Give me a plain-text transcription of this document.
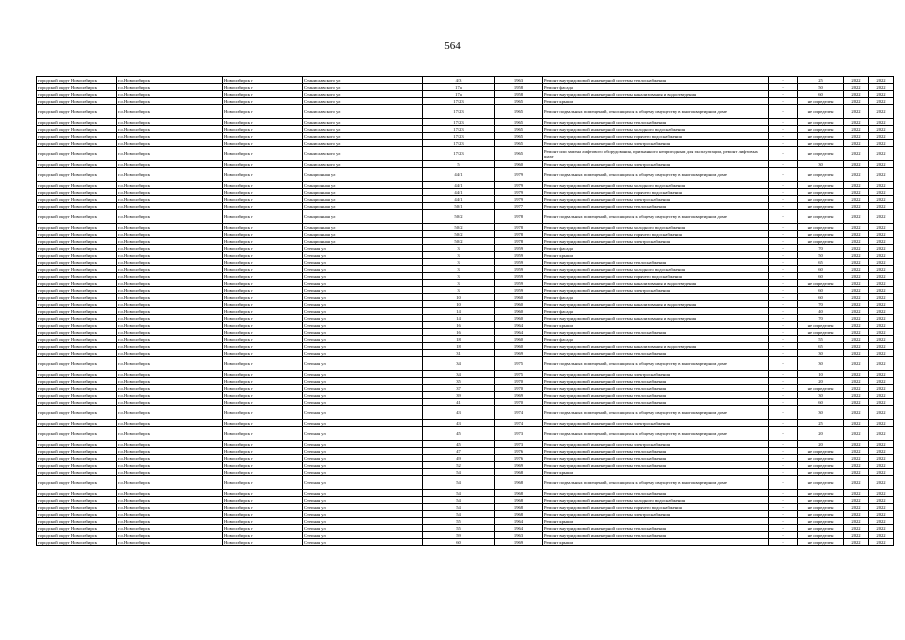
564
городской округ Новосибирск	г.о.Новосибирск	Новосибирск г	Станиславского ул	4/3	1963	Ремонт внутридомовой инженерной системы теплоснабжения	-	25	2022	2022
городской округ Новосибирск	г.о.Новосибирск	Новосибирск г	Станиславского ул	17а	1958	Ремонт фасада	-	50	2022	2022
городской округ Новосибирск	г.о.Новосибирск	Новосибирск г	Станиславского ул	17а	1958	Ремонт внутридомовой инженерной системы канализования и водоотведения	-	60	2022	2022
городской округ Новосибирск	г.о.Новосибирск	Новосибирск г	Станиславского ул	17/23	1965	Ремонт крыши	-	не определен	2022	2022
городской округ Новосибирск	г.о.Новосибирск	Новосибирск г	Станиславского ул	17/23	1965	Ремонт подвальных помещений, относящихся к общему имуществу в многоквартирном доме	-	не определен	2022	2022
городской округ Новосибирск	г.о.Новосибирск	Новосибирск г	Станиславского ул	17/23	1965	Ремонт внутридомовой инженерной системы теплоснабжения	-	не определен	2022	2022
городской округ Новосибирск	г.о.Новосибирск	Новосибирск г	Станиславского ул	17/23	1965	Ремонт внутридомовой инженерной системы холодного водоснабжения	-	не определен	2022	2022
городской округ Новосибирск	г.о.Новосибирск	Новосибирск г	Станиславского ул	17/23	1965	Ремонт внутридомовой инженерной системы горячего водоснабжения	-	не определен	2022	2022
городской округ Новосибирск	г.о.Новосибирск	Новосибирск г	Станиславского ул	17/23	1965	Ремонт внутридомовой инженерной системы электроснабжения	-	не определен	2022	2022
городской округ Новосибирск	г.о.Новосибирск	Новосибирск г	Станиславского ул	17/23	1965	Ремонт или замена лифтового оборудования, признанного непригодным для эксплуатации, ремонт лифтовых шахт	-	не определен	2022	2022
городской округ Новосибирск	г.о.Новосибирск	Новосибирск г	Станиславского ул	5	1960	Ремонт внутридомовой инженерной системы электроснабжения	-	30	2022	2022
городской округ Новосибирск	г.о.Новосибирск	Новосибирск г	Станционная ул	44/1	1979	Ремонт подвальных помещений, относящихся к общему имуществу в многоквартирном доме	-	не определен	2022	2022
городской округ Новосибирск	г.о.Новосибирск	Новосибирск г	Станционная ул	44/1	1979	Ремонт внутридомовой инженерной системы холодного водоснабжения	-	не определен	2022	2022
городской округ Новосибирск	г.о.Новосибирск	Новосибирск г	Станционная ул	44/1	1979	Ремонт внутридомовой инженерной системы горячего водоснабжения	-	не определен	2022	2022
городской округ Новосибирск	г.о.Новосибирск	Новосибирск г	Станционная ул	44/1	1979	Ремонт внутридомовой инженерной системы электроснабжения	-	не определен	2022	2022
городской округ Новосибирск	г.о.Новосибирск	Новосибирск г	Станционная ул	50/1	1977	Ремонт внутридомовой инженерной системы теплоснабжения	-	не определен	2022	2022
городской округ Новосибирск	г.о.Новосибирск	Новосибирск г	Станционная ул	50/2	1978	Ремонт подвальных помещений, относящихся к общему имуществу в многоквартирном доме	-	не определен	2022	2022
городской округ Новосибирск	г.о.Новосибирск	Новосибирск г	Станционная ул	50/2	1978	Ремонт внутридомовой инженерной системы холодного водоснабжения	-	не определен	2022	2022
городской округ Новосибирск	г.о.Новосибирск	Новосибирск г	Станционная ул	50/2	1978	Ремонт внутридомовой инженерной системы горячего водоснабжения	-	не определен	2022	2022
городской округ Новосибирск	г.о.Новосибирск	Новосибирск г	Станционная ул	50/2	1978	Ремонт внутридомовой инженерной системы электроснабжения	-	не определен	2022	2022
городской округ Новосибирск	г.о.Новосибирск	Новосибирск г	Степная ул	3	1959	Ремонт фасада	-	70	2022	2022
городской округ Новосибирск	г.о.Новосибирск	Новосибирск г	Степная ул	3	1959	Ремонт крыши	-	50	2022	2022
городской округ Новосибирск	г.о.Новосибирск	Новосибирск г	Степная ул	3	1959	Ремонт внутридомовой инженерной системы теплоснабжения	-	65	2022	2022
городской округ Новосибирск	г.о.Новосибирск	Новосибирск г	Степная ул	3	1959	Ремонт внутридомовой инженерной системы холодного водоснабжения	-	60	2022	2022
городской округ Новосибирск	г.о.Новосибирск	Новосибирск г	Степная ул	3	1959	Ремонт внутридомовой инженерной системы горячего водоснабжения	-	60	2022	2022
городской округ Новосибирск	г.о.Новосибирск	Новосибирск г	Степная ул	3	1959	Ремонт внутридомовой инженерной системы канализования и водоотведения	-	не определен	2022	2022
городской округ Новосибирск	г.о.Новосибирск	Новосибирск г	Степная ул	3	1959	Ремонт внутридомовой инженерной системы электроснабжения	-	60	2022	2022
городской округ Новосибирск	г.о.Новосибирск	Новосибирск г	Степная ул	10	1960	Ремонт фасада	-	60	2022	2022
городской округ Новосибирск	г.о.Новосибирск	Новосибирск г	Степная ул	10	1960	Ремонт внутридомовой инженерной системы канализования и водоотведения	-	70	2022	2022
городской округ Новосибирск	г.о.Новосибирск	Новосибирск г	Степная ул	14	1960	Ремонт фасада	-	40	2022	2022
городской округ Новосибирск	г.о.Новосибирск	Новосибирск г	Степная ул	14	1960	Ремонт внутридомовой инженерной системы канализования и водоотведения	-	70	2022	2022
городской округ Новосибирск	г.о.Новосибирск	Новосибирск г	Степная ул	16	1964	Ремонт крыши	-	не определен	2022	2022
городской округ Новосибирск	г.о.Новосибирск	Новосибирск г	Степная ул	16	1964	Ремонт внутридомовой инженерной системы теплоснабжения	-	не определен	2022	2022
городской округ Новосибирск	г.о.Новосибирск	Новосибирск г	Степная ул	18	1960	Ремонт фасада	-	55	2022	2022
городской округ Новосибирск	г.о.Новосибирск	Новосибирск г	Степная ул	18	1960	Ремонт внутридомовой инженерной системы канализования и водоотведения	-	65	2022	2022
городской округ Новосибирск	г.о.Новосибирск	Новосибирск г	Степная ул	31	1969	Ремонт внутридомовой инженерной системы теплоснабжения	-	30	2022	2022
городской округ Новосибирск	г.о.Новосибирск	Новосибирск г	Степная ул	34	1975	Ремонт подвальных помещений, относящихся к общему имуществу в многоквартирном доме	-	30	2022	2022
городской округ Новосибирск	г.о.Новосибирск	Новосибирск г	Степная ул	34	1975	Ремонт внутридомовой инженерной системы электроснабжения	-	10	2022	2022
городской округ Новосибирск	г.о.Новосибирск	Новосибирск г	Степная ул	35	1970	Ремонт внутридомовой инженерной системы теплоснабжения	-	20	2022	2022
городской округ Новосибирск	г.о.Новосибирск	Новосибирск г	Степная ул	37	1970	Ремонт внутридомовой инженерной системы теплоснабжения	-	не определен	2022	2022
городской округ Новосибирск	г.о.Новосибирск	Новосибирск г	Степная ул	39	1969	Ремонт внутридомовой инженерной системы теплоснабжения	-	30	2022	2022
городской округ Новосибирск	г.о.Новосибирск	Новосибирск г	Степная ул	41	1970	Ремонт внутридомовой инженерной системы теплоснабжения	-	60	2022	2022
городской округ Новосибирск	г.о.Новосибирск	Новосибирск г	Степная ул	43	1974	Ремонт подвальных помещений, относящихся к общему имуществу в многоквартирном доме	-	30	2022	2022
городской округ Новосибирск	г.о.Новосибирск	Новосибирск г	Степная ул	43	1974	Ремонт внутридомовой инженерной системы электроснабжения	-	25	2022	2022
городской округ Новосибирск	г.о.Новосибирск	Новосибирск г	Степная ул	45	1973	Ремонт подвальных помещений, относящихся к общему имуществу в многоквартирном доме	-	20	2022	2022
городской округ Новосибирск	г.о.Новосибирск	Новосибирск г	Степная ул	45	1973	Ремонт внутридомовой инженерной системы электроснабжения	-	20	2022	2022
городской округ Новосибирск	г.о.Новосибирск	Новосибирск г	Степная ул	47	1976	Ремонт внутридомовой инженерной системы теплоснабжения	-	не определен	2022	2022
городской округ Новосибирск	г.о.Новосибирск	Новосибирск г	Степная ул	49	1976	Ремонт внутридомовой инженерной системы теплоснабжения	-	не определен	2022	2022
городской округ Новосибирск	г.о.Новосибирск	Новосибирск г	Степная ул	52	1969	Ремонт внутридомовой инженерной системы теплоснабжения	-	не определен	2022	2022
городской округ Новосибирск	г.о.Новосибирск	Новосибирск г	Степная ул	54	1968	Ремонт крыши	-	не определен	2022	2022
городской округ Новосибирск	г.о.Новосибирск	Новосибирск г	Степная ул	54	1968	Ремонт подвальных помещений, относящихся к общему имуществу в многоквартирном доме	-	не определен	2022	2022
городской округ Новосибирск	г.о.Новосибирск	Новосибирск г	Степная ул	54	1968	Ремонт внутридомовой инженерной системы теплоснабжения	-	не определен	2022	2022
городской округ Новосибирск	г.о.Новосибирск	Новосибирск г	Степная ул	54	1968	Ремонт внутридомовой инженерной системы холодного водоснабжения	-	не определен	2022	2022
городской округ Новосибирск	г.о.Новосибирск	Новосибирск г	Степная ул	54	1968	Ремонт внутридомовой инженерной системы горячего водоснабжения	-	не определен	2022	2022
городской округ Новосибирск	г.о.Новосибирск	Новосибирск г	Степная ул	54	1968	Ремонт внутридомовой инженерной системы электроснабжения	-	не определен	2022	2022
городской округ Новосибирск	г.о.Новосибирск	Новосибирск г	Степная ул	55	1964	Ремонт крыши	-	не определен	2022	2022
городской округ Новосибирск	г.о.Новосибирск	Новосибирск г	Степная ул	55	1964	Ремонт внутридомовой инженерной системы теплоснабжения	-	не определен	2022	2022
городской округ Новосибирск	г.о.Новосибирск	Новосибирск г	Степная ул	59	1963	Ремонт внутридомовой инженерной системы теплоснабжения	-	не определен	2022	2022
городской округ Новосибирск	г.о.Новосибирск	Новосибирск г	Степная ул	60	1969	Ремонт крыши	-	не определен	2022	2022
